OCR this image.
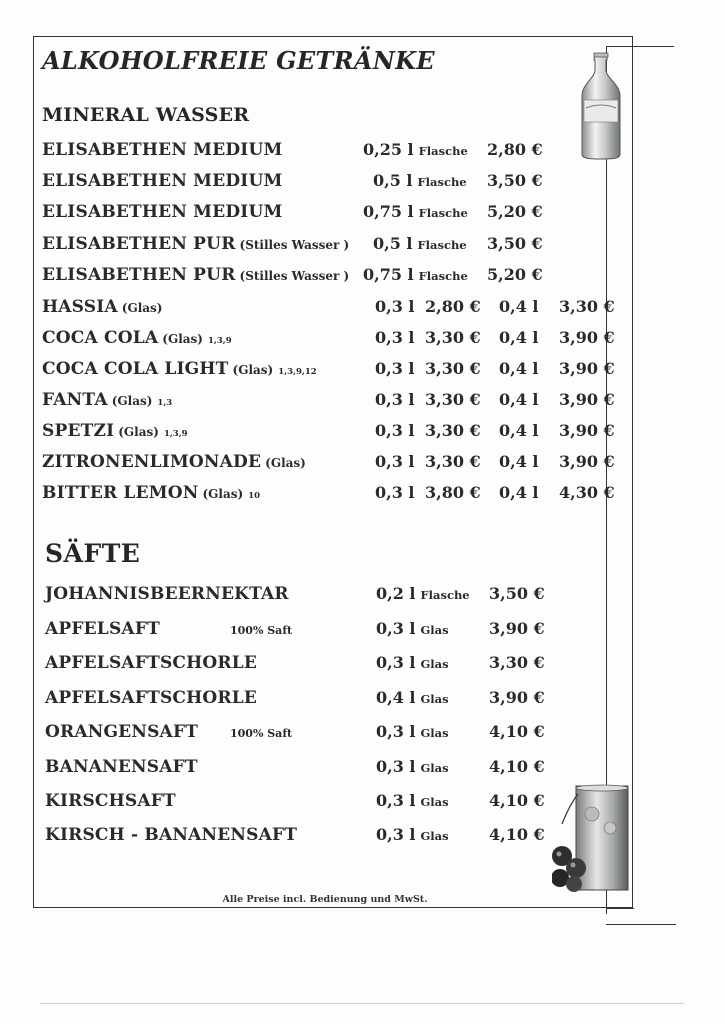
ALKOHOLFREIE GETRÄNKE
MINERAL WASSER
ELISABETHEN MEDIUM	0,25 l Flasche 2,80 €
ELISABETHEN MEDIUM	0,5 l Flasche 3,50 €
ELISABETHEN MEDIUM	0,75 l Flasche 5,20 €
ELISABETHEN PUR (Stilles Wasser ) 0,5 l Flasche 3,50 €
ELISABETHEN PUR (Stilles Wasser ) 0,75 l Flasche 5,20 €
HASSIA (Glas)	0,3 l 2,80 € 0,4 l 3,30 €
COCA COLA (Glas) 1,3,9	0,3 l 3,30 € 0,4 l 3,90 €
COCA COLA LIGHT (Glas) 1,3,9,12	0,3 l 3,30 € 0,4 l 3,90 €
FANTA (Glas) 1,3	0,3 l 3,30 € 0,4 l 3,90 €
SPETZI (Glas) 1,3,9	0,3 l 3,30 € 0,4 l 3,90 €
ZITRONENLIMONADE (Glas)	0,3 l 3,30 € 0,4 l 3,90 €
BITTER LEMON (Glas) 10	0,3 l 3,80 € 0,4 l 4,30 €
SÄFTE
JOHANNISBEERNEKTAR	0,2 l Flasche 3,50 €
APFELSAFT	100% Saft	0,3 l Glas	3,90 €
APFELSAFTSCHORLE	0,3 l Glas	3,30 €
APFELSAFTSCHORLE	0,4 l Glas	3,90 €
ORANGENSAFT	100% Saft	0,3 l Glas	4,10 €
BANANENSAFT	0,3 l Glas	4,10 €
KIRSCHSAFT	0,3 l Glas	4,10 €
KIRSCH - BANANENSAFT	0,3 l Glas	4,10 €
Alle Preise incl. Bedienung und MwSt.
